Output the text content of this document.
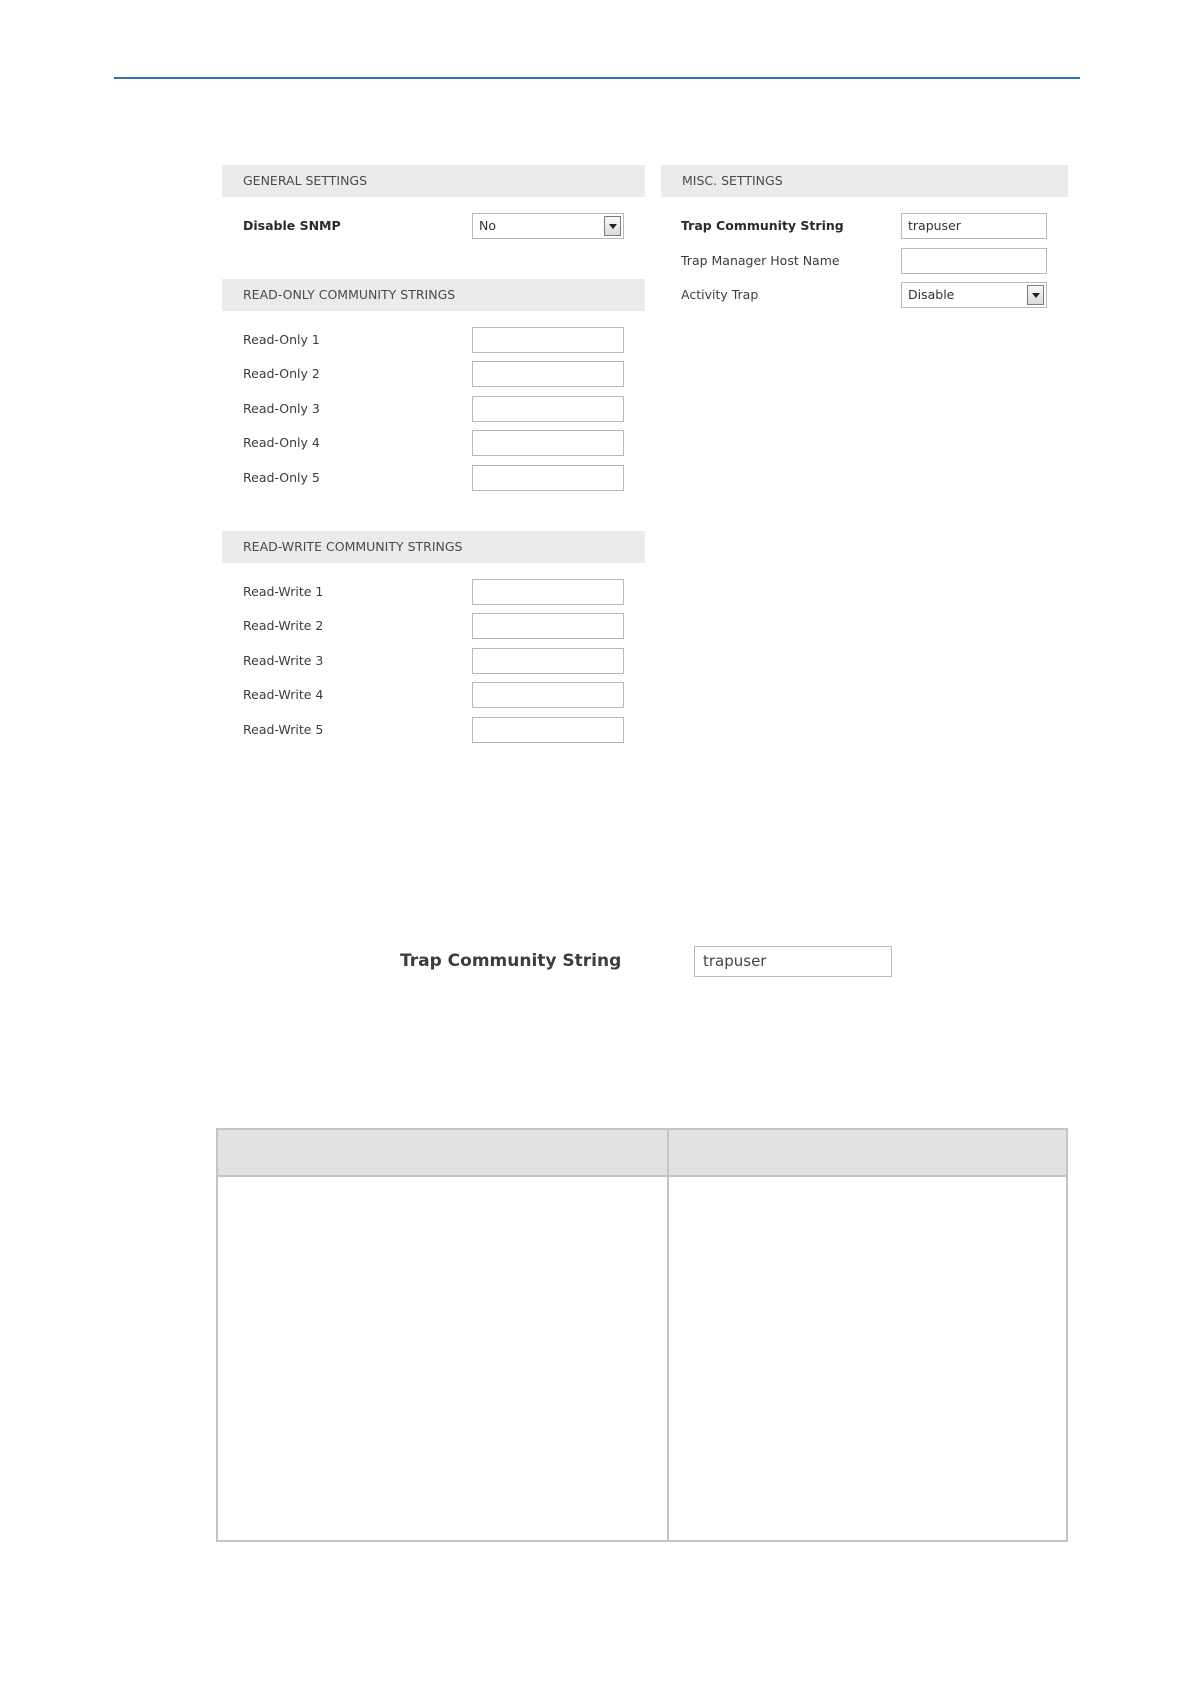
GENERAL SETTINGS
Disable SNMP	No
READ-ONLY COMMUNITY STRINGS
Read-Only 1
Read-Only 2
Read-Only 3
Read-Only 4
Read-Only 5
READ-WRITE COMMUNITY STRINGS
Read-Write 1
Read-Write 2
Read-Write 3
Read-Write 4
Read-Write 5
MISC. SETTINGS
Trap Community String	trapuser
Trap Manager Host Name
Activity Trap	Disable
Trap Community String	trapuser
